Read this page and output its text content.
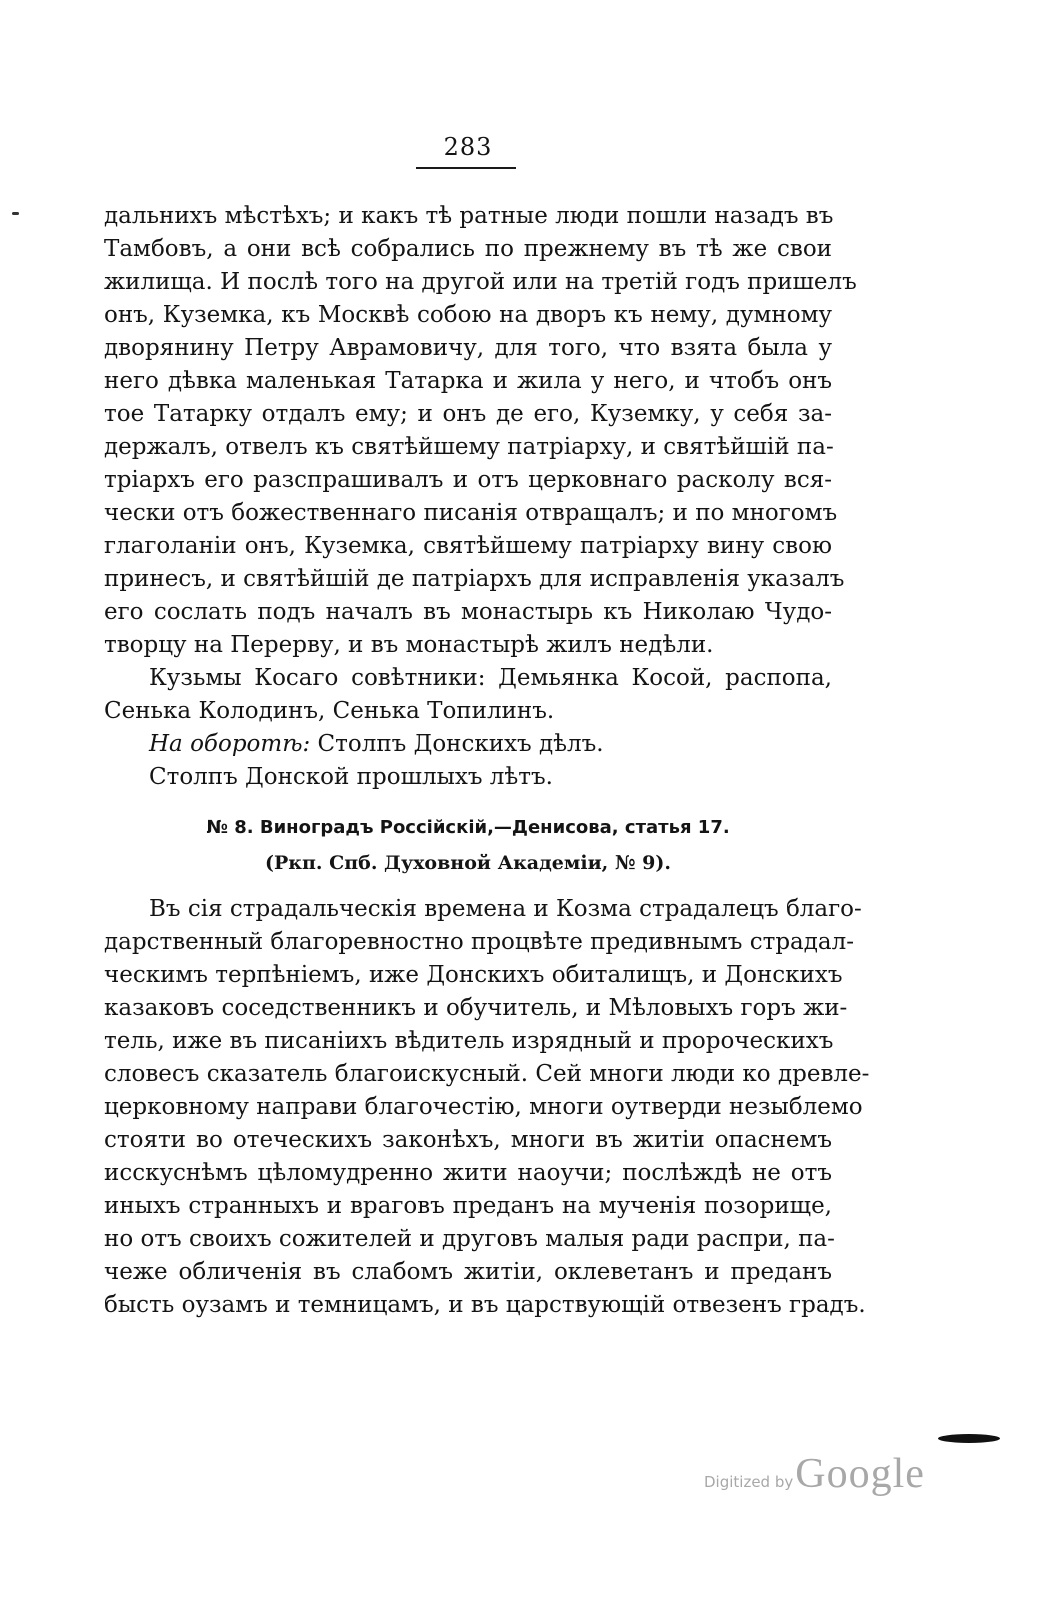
283
дальнихъ мѣстѣхъ; и какъ тѣ ратные люди пошли назадъ въ
Тамбовъ, а они всѣ собрались по прежнему въ тѣ же свои
жилища. И послѣ того на другой или на третій годъ пришелъ
онъ, Куземка, къ Москвѣ собою на дворъ къ нему, думному
дворянину Петру Аврамовичу, для того, что взята была у
него дѣвка маленькая Татарка и жила у него, и чтобъ онъ
тое Татарку отдалъ ему; и онъ де его, Куземку, у себя за-
держалъ, отвелъ къ святѣйшему патріарху, и святѣйшій па-
тріархъ его разспрашивалъ и отъ церковнаго расколу вся-
чески отъ божественнаго писанія отвращалъ; и по многомъ
глаголаніи онъ, Куземка, святѣйшему патріарху вину свою
принесъ, и святѣйшій де патріархъ для исправленія указалъ
его сослать подъ началъ въ монастырь къ Николаю Чудо-
творцу на Перерву, и въ монастырѣ жилъ недѣли.
Кузьмы Косаго совѣтники: Демьянка Косой, распопа,
Сенька Колодинъ, Сенька Топилинъ.
На оборотѣ: Столпъ Донскихъ дѣлъ.
Столпъ Донской прошлыхъ лѣтъ.
№ 8. Виноградъ Россійскій,—Денисова, статья 17.
(Ркп. Спб. Духовной Академіи, № 9).
Въ сія страдальческія времена и Козма страдалецъ благо-
дарственный благоревностно процвѣте предивнымъ страдал-
ческимъ терпѣніемъ, иже Донскихъ обиталищъ, и Донскихъ
казаковъ соседственникъ и обучитель, и Мѣловыхъ горъ жи-
тель, иже въ писаніихъ вѣдитель изрядный и пророческихъ
словесъ сказатель благоискусный. Сей многи люди ко древле-
церковному направи благочестію, многи оутверди незыблемо
стояти во отеческихъ законѣхъ, многи въ житіи опаснемъ
исскуснѣмъ цѣломудренно жити наоучи; послѣждѣ не отъ
иныхъ странныхъ и враговъ преданъ на мученія позорище,
но отъ своихъ сожителей и друговъ малыя ради распри, па-
чеже обличенія въ слабомъ житіи, оклеветанъ и преданъ
бысть оузамъ и темницамъ, и въ царствующій отвезенъ градъ.
Digitized by Google
